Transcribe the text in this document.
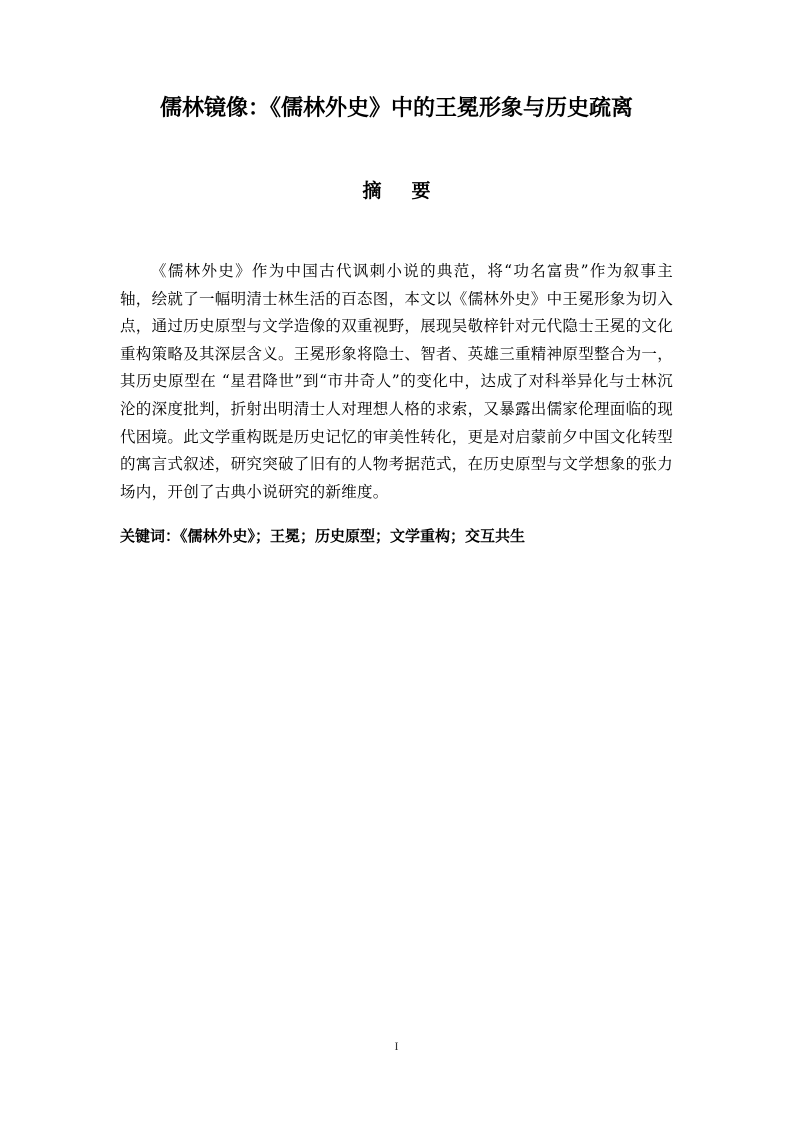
儒林镜像：《儒林外史》中的王冕形象与历史疏离
摘要

《儒林外史》作为中国古代讽刺小说的典范，将“功名富贵”作为叙事主轴，绘就了一幅明清士林生活的百态图，本文以《儒林外史》中王冕形象为切入点，通过历史原型与文学造像的双重视野，展现吴敬梓针对元代隐士王冕的文化重构策略及其深层含义。王冕形象将隐士、智者、英雄三重精神原型整合为一，其历史原型在 “星君降世”到“市井奇人”的变化中，达成了对科举异化与士林沉沦的深度批判，折射出明清士人对理想人格的求索，又暴露出儒家伦理面临的现代困境。此文学重构既是历史记忆的审美性转化，更是对启蒙前夕中国文化转型的寓言式叙述，研究突破了旧有的人物考据范式，在历史原型与文学想象的张力场内，开创了古典小说研究的新维度。

关键词：《儒林外史》；王冕；历史原型；文学重构；交互共生
I
